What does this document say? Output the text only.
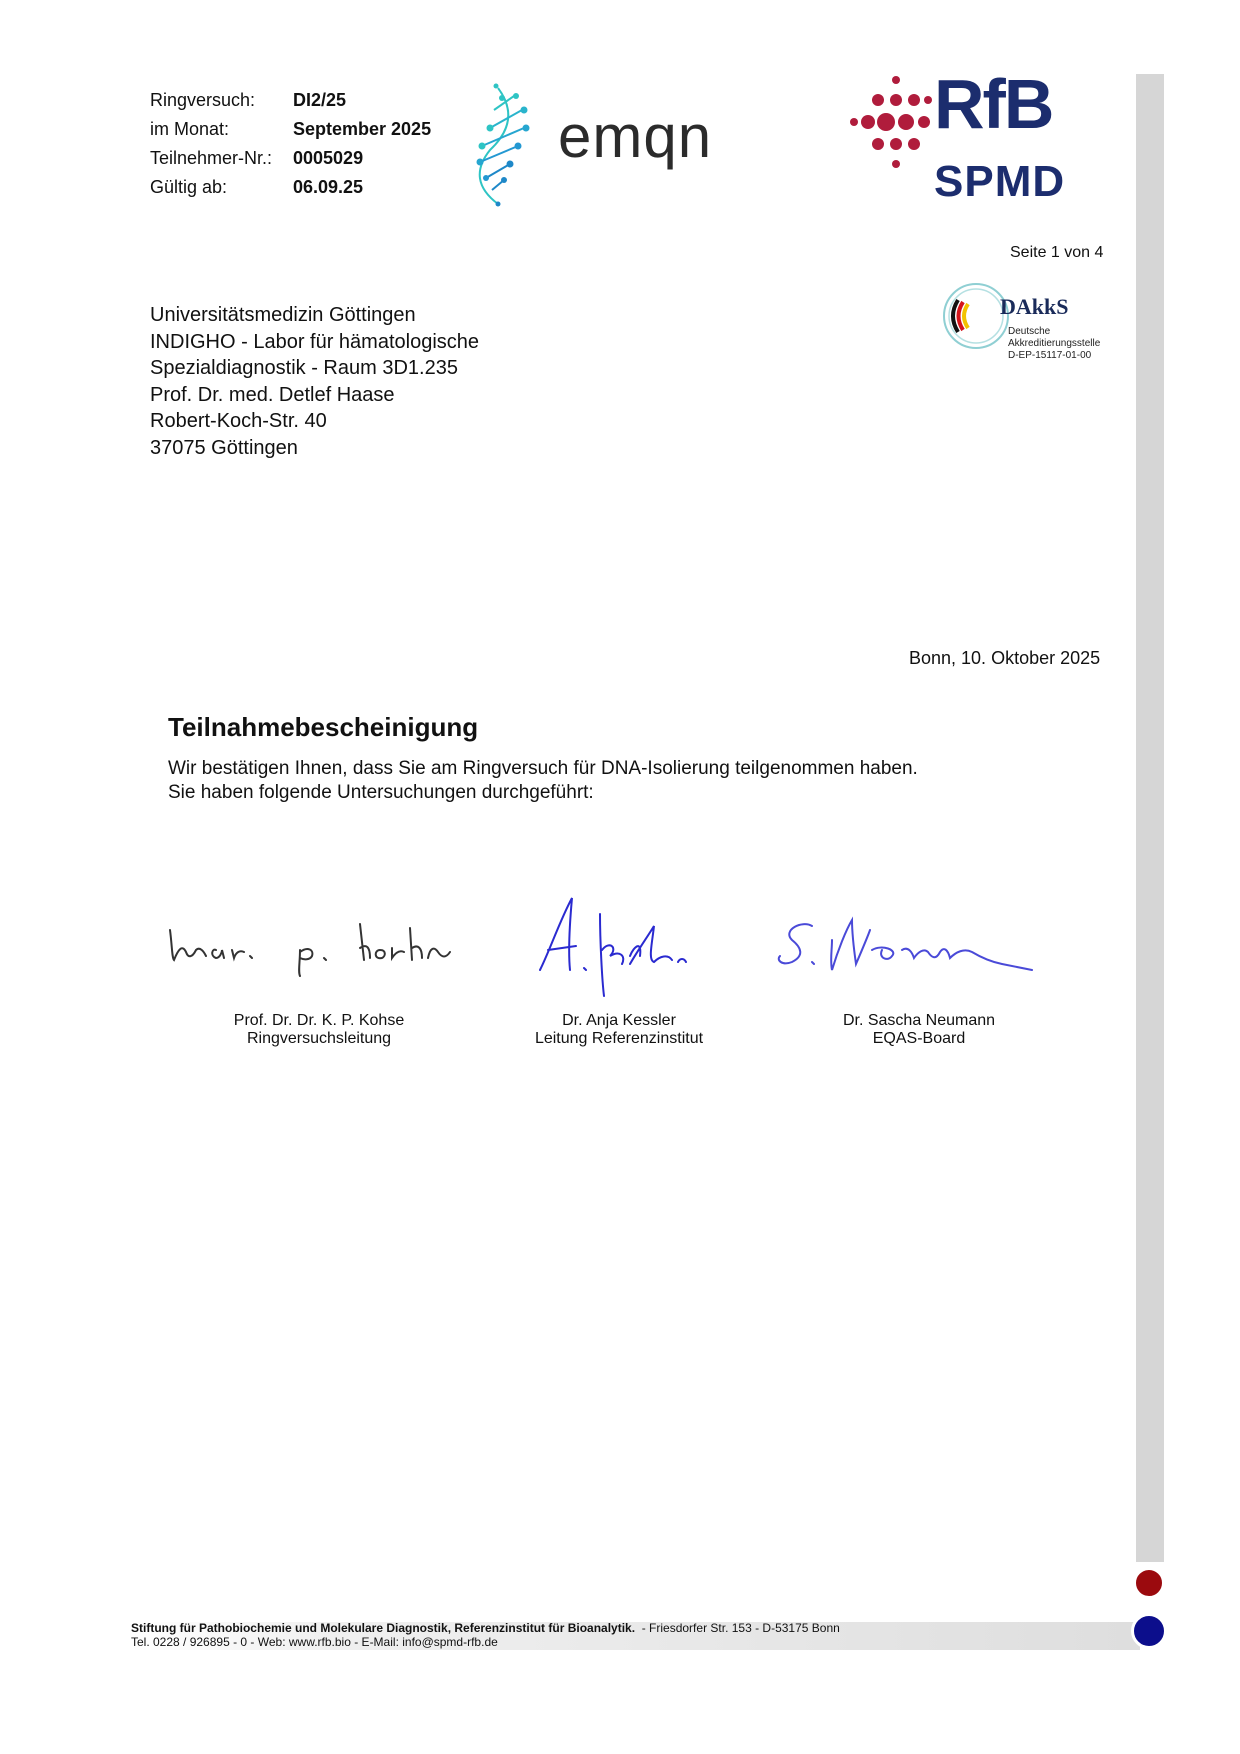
Ringversuch:	DI2/25
im Monat:	September 2025
Teilnehmer-Nr.:	0005029
Gültig ab:	06.09.25
emqn	RfB
SPMD
Seite 1 von 4
DAkkS
Deutsche
Akkreditierungsstelle
D-EP-15117-01-00
Universitätsmedizin Göttingen
INDIGHO - Labor für hämatologische
Spezialdiagnostik - Raum 3D1.235
Prof. Dr. med. Detlef Haase
Robert-Koch-Str. 40
37075 Göttingen
Bonn, 10. Oktober 2025
Teilnahmebescheinigung
Wir bestätigen Ihnen, dass Sie am Ringversuch für DNA-Isolierung teilgenommen haben.
Sie haben folgende Untersuchungen durchgeführt:
Prof. Dr. Dr. K. P. Kohse
Ringversuchsleitung
Dr. Anja Kessler
Leitung Referenzinstitut
Dr. Sascha Neumann
EQAS-Board
Stiftung für Pathobiochemie und Molekulare Diagnostik, Referenzinstitut für Bioanalytik.  - Friesdorfer Str. 153 - D-53175 Bonn
Tel. 0228 / 926895 - 0 - Web: www.rfb.bio - E-Mail: info@spmd-rfb.de
